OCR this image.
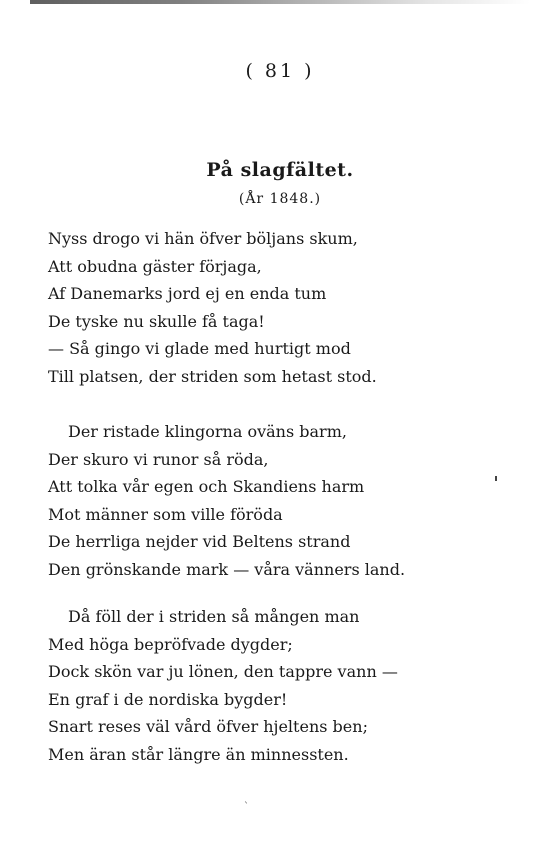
( 81 )
På slagfältet.
(År 1848.)
Nyss drogo vi hän öfver böljans skum,
Att obudna gäster förjaga,
Af Danemarks jord ej en enda tum
De tyske nu skulle få taga!
— Så gingo vi glade med hurtigt mod
Till platsen, der striden som hetast stod.
Der ristade klingorna oväns barm,
Der skuro vi runor så röda,
Att tolka vår egen och Skandiens harm
Mot männer som ville föröda
De herrliga nejder vid Beltens strand
Den grönskande mark — våra vänners land.
Då föll der i striden så mången man
Med höga bepröfvade dygder;
Dock skön var ju lönen, den tappre vann —
En graf i de nordiska bygder!
Snart reses väl vård öfver hjeltens ben;
Men äran står längre än minnessten.
ˋ
